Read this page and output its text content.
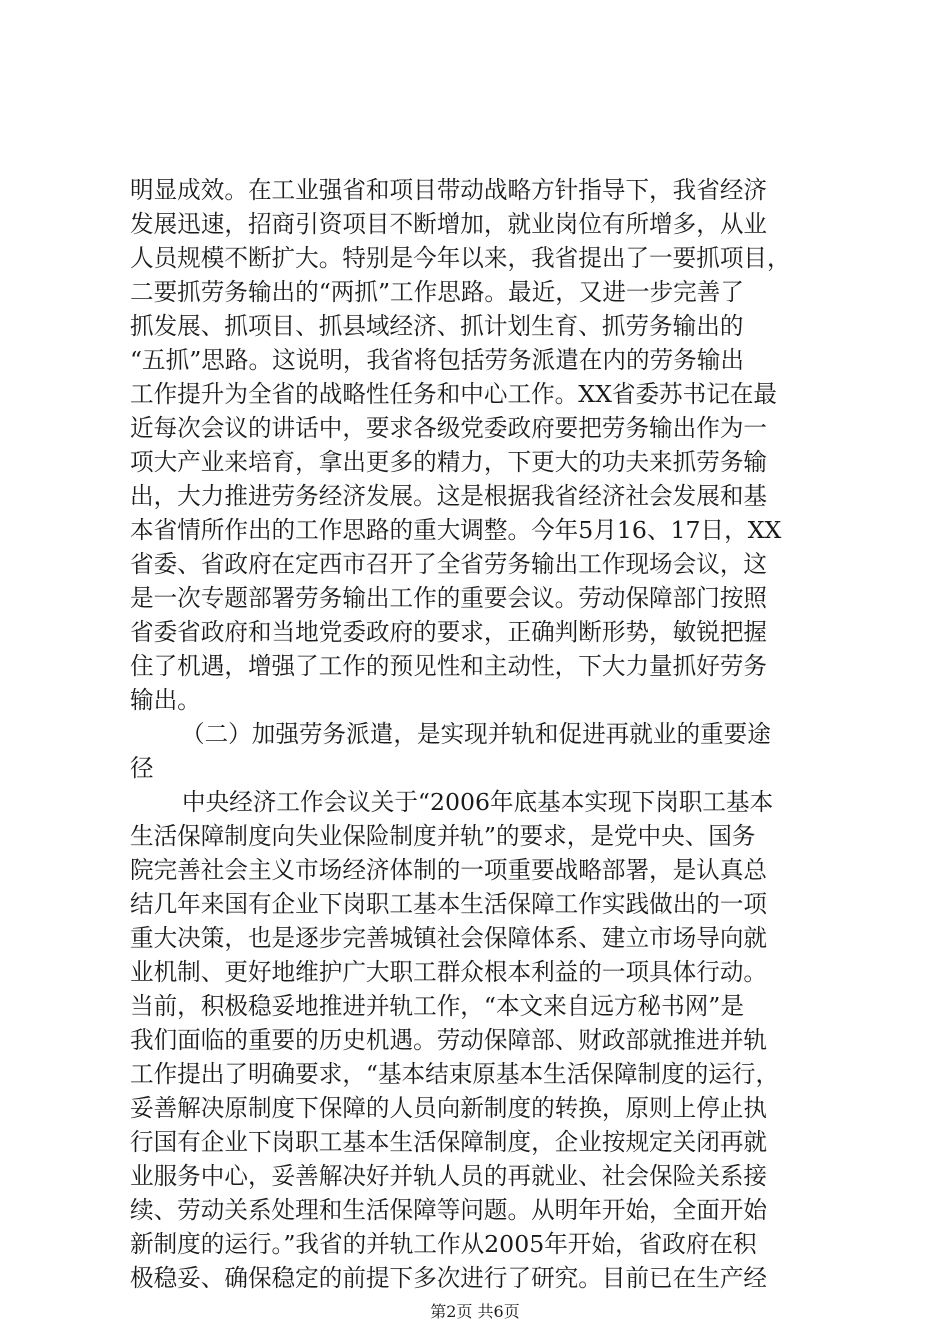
明显成效。在工业强省和项目带动战略方针指导下，我省经济
发展迅速，招商引资项目不断增加，就业岗位有所增多，从业
人员规模不断扩大。特别是今年以来，我省提出了一要抓项目，
二要抓劳务输出的“两抓”工作思路。最近，又进一步完善了
抓发展、抓项目、抓县域经济、抓计划生育、抓劳务输出的
“五抓”思路。这说明，我省将包括劳务派遣在内的劳务输出
工作提升为全省的战略性任务和中心工作。XX省委苏书记在最
近每次会议的讲话中，要求各级党委政府要把劳务输出作为一
项大产业来培育，拿出更多的精力，下更大的功夫来抓劳务输
出，大力推进劳务经济发展。这是根据我省经济社会发展和基
本省情所作出的工作思路的重大调整。今年5月16、17日，XX
省委、省政府在定西市召开了全省劳务输出工作现场会议，这
是一次专题部署劳务输出工作的重要会议。劳动保障部门按照
省委省政府和当地党委政府的要求，正确判断形势，敏锐把握
住了机遇，增强了工作的预见性和主动性，下大力量抓好劳务
输出。
（二）加强劳务派遣，是实现并轨和促进再就业的重要途
径
中央经济工作会议关于“2006年底基本实现下岗职工基本
生活保障制度向失业保险制度并轨”的要求，是党中央、国务
院完善社会主义市场经济体制的一项重要战略部署，是认真总
结几年来国有企业下岗职工基本生活保障工作实践做出的一项
重大决策，也是逐步完善城镇社会保障体系、建立市场导向就
业机制、更好地维护广大职工群众根本利益的一项具体行动。
当前，积极稳妥地推进并轨工作，“本文来自远方秘书网”是
我们面临的重要的历史机遇。劳动保障部、财政部就推进并轨
工作提出了明确要求，“基本结束原基本生活保障制度的运行，
妥善解决原制度下保障的人员向新制度的转换，原则上停止执
行国有企业下岗职工基本生活保障制度，企业按规定关闭再就
业服务中心，妥善解决好并轨人员的再就业、社会保险关系接
续、劳动关系处理和生活保障等问题。从明年开始，全面开始
新制度的运行。”我省的并轨工作从2005年开始，省政府在积
极稳妥、确保稳定的前提下多次进行了研究。目前已在生产经
第2页 共6页
